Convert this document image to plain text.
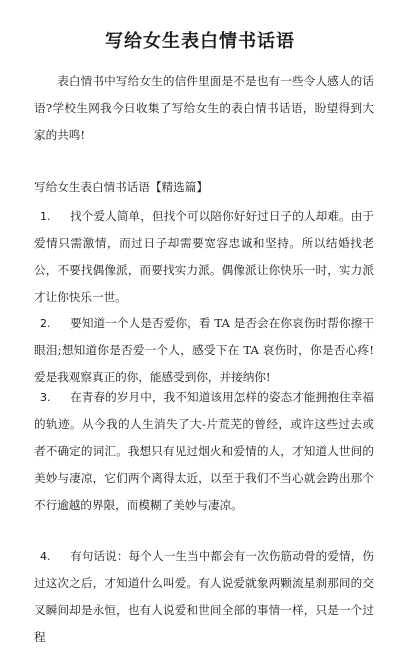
写给女生表白情书话语
表白情书中写给女生的信件里面是不是也有一些令人感人的话语?学校生网我今日收集了写给女生的表白情书话语，盼望得到大家的共鸣!
写给女生表白情书话语【精选篇】
1. 找个爱人简单，但找个可以陪你好好过日子的人却难。由于爱情只需激情，而过日子却需要宽容忠诚和坚持。所以结婚找老公，不要找偶像派，而要找实力派。偶像派让你快乐一时，实力派才让你快乐一世。
2. 要知道一个人是否爱你，看 TA 是否会在你哀伤时帮你擦干眼泪;想知道你是否爱一个人，感受下在 TA 哀伤时，你是否心疼!爱是我观察真正的你，能感受到你，并接纳你!
3. 在青春的岁月中，我不知道该用怎样的姿态才能拥抱住幸福的轨迹。从今我的人生消失了大-片荒芜的曾经，或许这些过去或者不确定的词汇。我想只有见过烟火和爱情的人，才知道人世间的美妙与凄凉，它们两个离得太近，以至于我们不当心就会跨出那个不行逾越的界限，而模糊了美妙与凄凉。
4. 有句话说：每个人一生当中都会有一次伤筋动骨的爱情，伤过这次之后，才知道什么叫爱。有人说爱就象两颗流星刹那间的交叉瞬间却是永恒，也有人说爱和世间全部的事情一样，只是一个过程
